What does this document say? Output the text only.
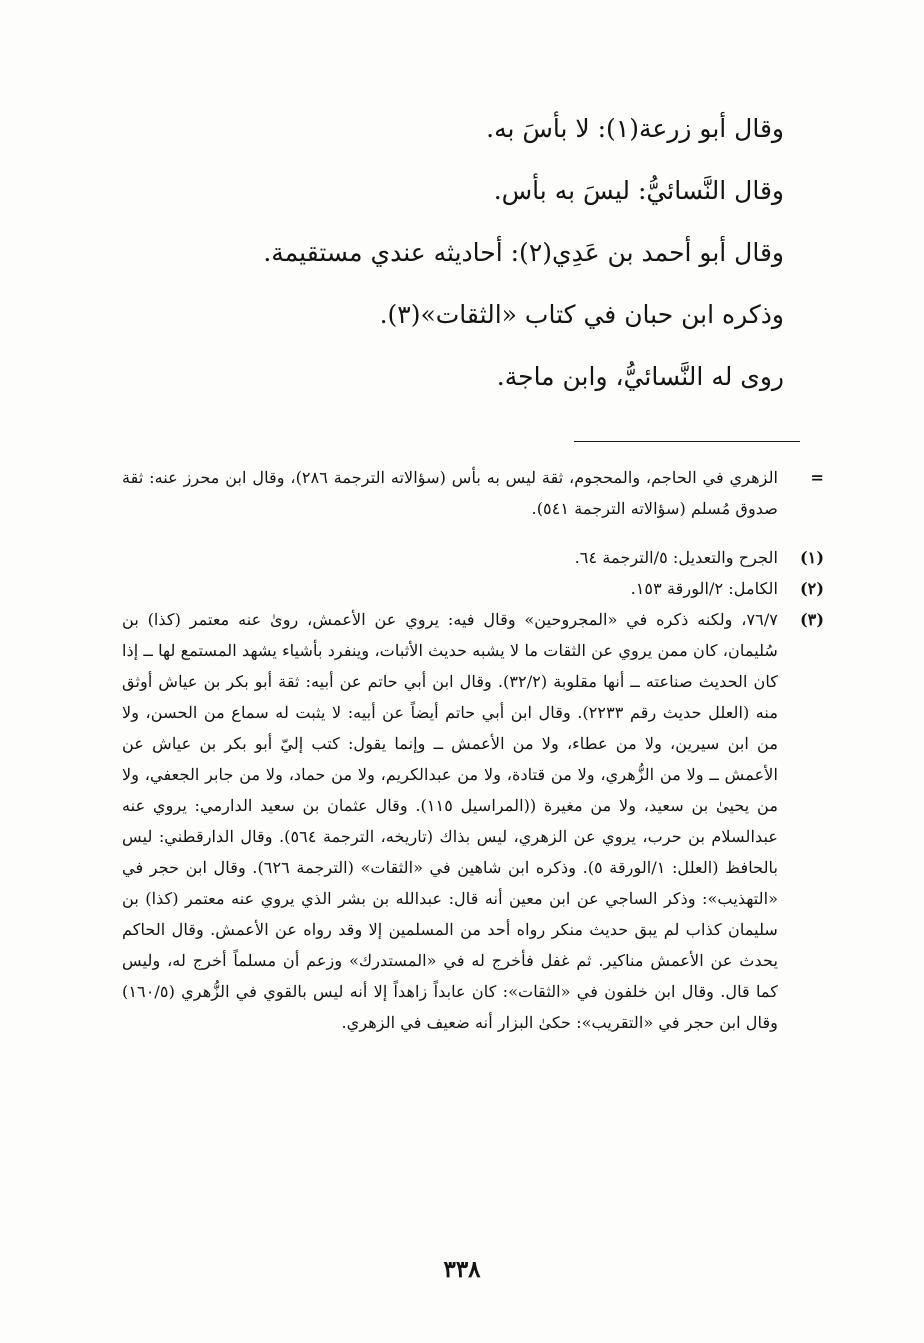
وقال أبو زرعة(١): لا بأسَ به.

وقال النَّسائيُّ: ليسَ به بأس.

وقال أبو أحمد بن عَدِي(٢): أحاديثه عندي مستقيمة.

وذكره ابن حبان في كتاب «الثقات»(٣).

روى له النَّسائيُّ، وابن ماجة.

=
الزهري في الحاجم، والمحجوم، ثقة ليس به بأس (سؤالاته الترجمة ٢٨٦)، وقال ابن محرز عنه: ثقة صدوق مُسلم (سؤالاته الترجمة ٥٤١).
(١)
الجرح والتعديل: ٥/الترجمة ٦٤.
(٢)
الكامل: ٢/الورقة ١٥٣.
(٣)
٧٦/٧، ولكنه ذكره في «المجروحين» وقال فيه: يروي عن الأعمش، روىٰ عنه معتمر (كذا) بن سُليمان، كان ممن يروي عن الثقات ما لا يشبه حديث الأثبات، وينفرد بأشياء يشهد المستمع لها ــ إذا كان الحديث صناعته ــ أنها مقلوبة (٣٢/٢). وقال ابن أبي حاتم عن أبيه: ثقة أبو بكر بن عياش أوثق منه (العلل حديث رقم ٢٢٣٣). وقال ابن أبي حاتم أيضاً عن أبيه: لا يثبت له سماع من الحسن، ولا من ابن سيرين، ولا من عطاء، ولا من الأعمش ــ وإنما يقول: كتب إليّ أبو بكر بن عياش عن الأعمش ــ ولا من الزُّهري، ولا من قتادة، ولا من عبدالكريم، ولا من حماد، ولا من جابر الجعفي، ولا من يحيىٰ بن سعيد، ولا من مغيرة ((المراسيل ١١٥). وقال عثمان بن سعيد الدارمي: يروي عنه عبدالسلام بن حرب، يروي عن الزهري، ليس بذاك (تاريخه، الترجمة ٥٦٤). وقال الدارقطني: ليس بالحافظ (العلل: ١/الورقة ٥). وذكره ابن شاهين في «الثقات» (الترجمة ٦٢٦). وقال ابن حجر في «التهذيب»: وذكر الساجي عن ابن معين أنه قال: عبدالله بن بشر الذي يروي عنه معتمر (كذا) بن سليمان كذاب لم يبق حديث منكر رواه أحد من المسلمين إلا وقد رواه عن الأعمش. وقال الحاكم يحدث عن الأعمش مناكير. ثم غفل فأخرج له في «المستدرك» وزعم أن مسلماً أخرج له، وليس كما قال. وقال ابن خلفون في «الثقات»: كان عابداً زاهداً إلا أنه ليس بالقوي في الزُّهري (١٦٠/٥) وقال ابن حجر في «التقريب»: حكىٰ البزار أنه ضعيف في الزهري.
٣٣٨
